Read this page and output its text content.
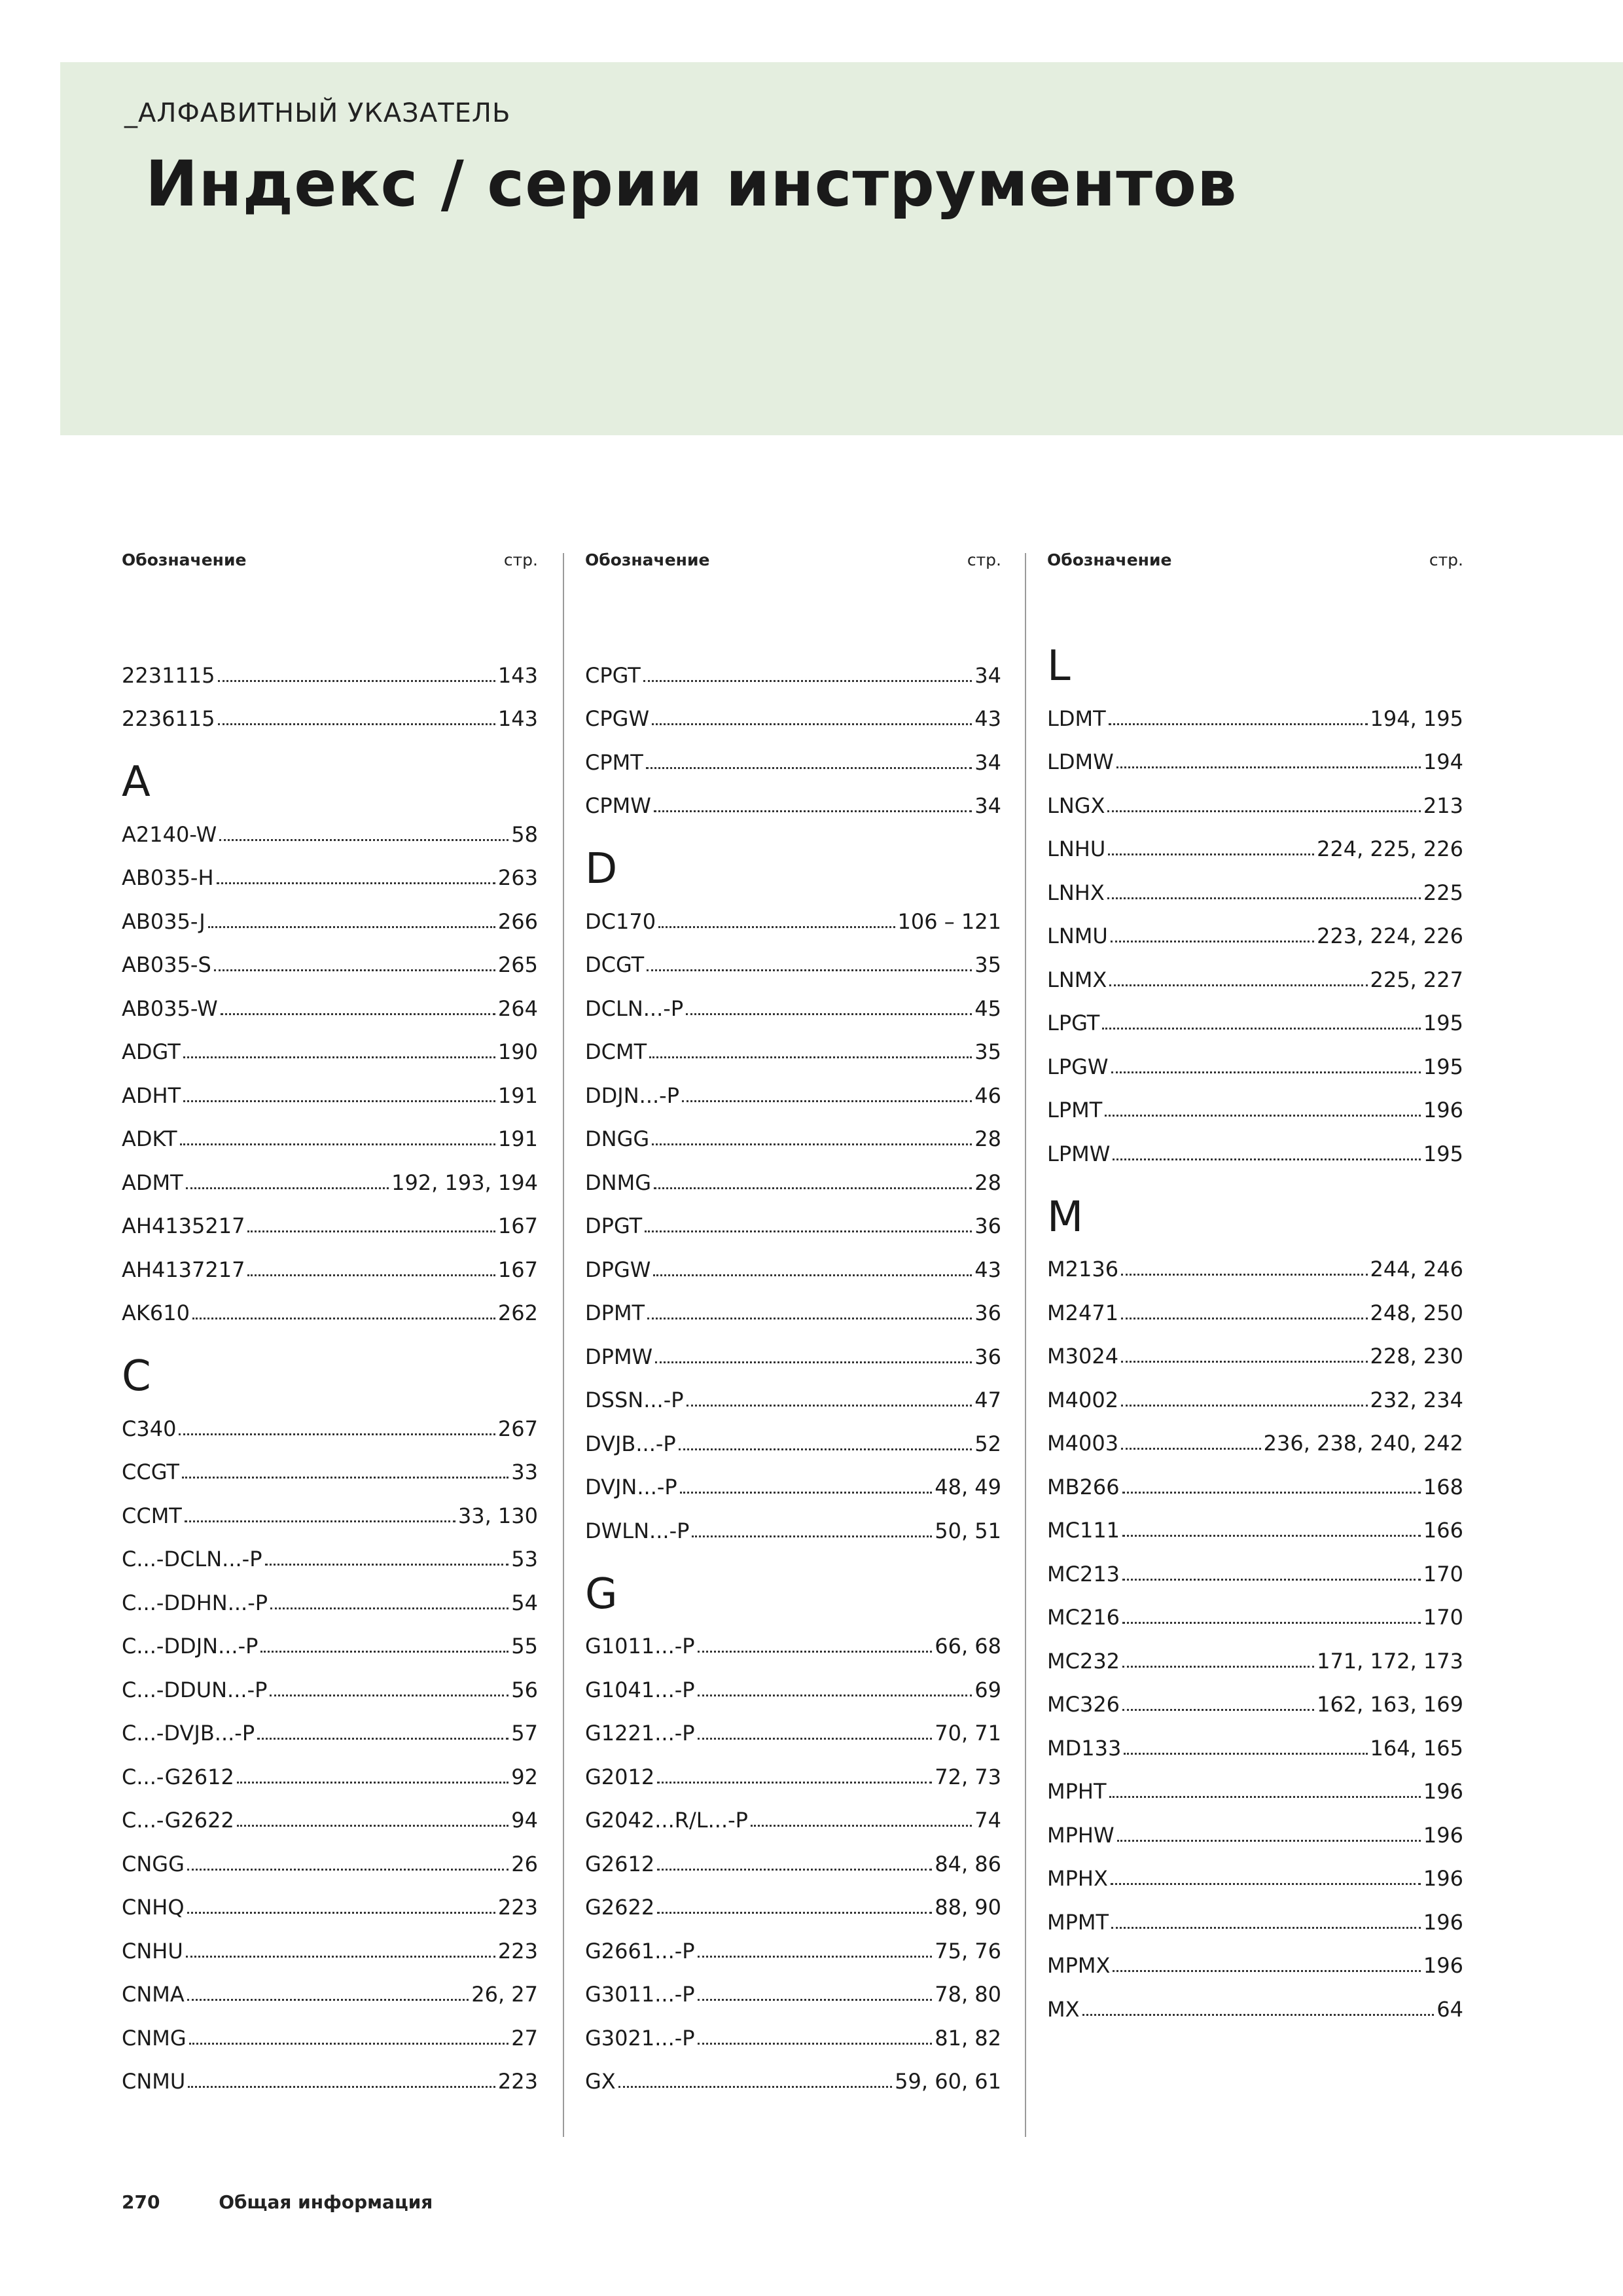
_АЛФАВИТНЫЙ УКАЗАТЕЛЬ
Индекс / серии инструментов
Обозначение	стр.
2231115	143
2236115	143
A
A2140-W	58
AB035-H	263
AB035-J	266
AB035-S	265
AB035-W	264
ADGT	190
ADHT	191
ADKT	191
ADMT	192, 193, 194
AH4135217	167
AH4137217	167
AK610	262
C
C340	267
CCGT	33
CCMT	33, 130
C...-DCLN...-P	53
C...-DDHN...-P	54
C...-DDJN...-P	55
C...-DDUN...-P	56
C...-DVJB...-P	57
C...-G2612	92
C...-G2622	94
CNGG	26
CNHQ	223
CNHU	223
CNMA	26, 27
CNMG	27
CNMU	223
Обозначение	стр.
CPGT	34
CPGW	43
CPMT	34
CPMW	34
D
DC170	106 – 121
DCGT	35
DCLN...-P	45
DCMT	35
DDJN...-P	46
DNGG	28
DNMG	28
DPGT	36
DPGW	43
DPMT	36
DPMW	36
DSSN...-P	47
DVJB...-P	52
DVJN...-P	48, 49
DWLN...-P	50, 51
G
G1011...-P	66, 68
G1041...-P	69
G1221...-P	70, 71
G2012	72, 73
G2042...R/L...-P	74
G2612	84, 86
G2622	88, 90
G2661...-P	75, 76
G3011...-P	78, 80
G3021...-P	81, 82
GX	59, 60, 61
Обозначение	стр.
L
LDMT	194, 195
LDMW	194
LNGX	213
LNHU	224, 225, 226
LNHX	225
LNMU	223, 224, 226
LNMX	225, 227
LPGT	195
LPGW	195
LPMT	196
LPMW	195
M
M2136	244, 246
M2471	248, 250
M3024	228, 230
M4002	232, 234
M4003	236, 238, 240, 242
MB266	168
MC111	166
MC213	170
MC216	170
MC232	171, 172, 173
MC326	162, 163, 169
MD133	164, 165
MPHT	196
MPHW	196
MPHX	196
MPMT	196
MPMX	196
MX	64
270	Общая информация
